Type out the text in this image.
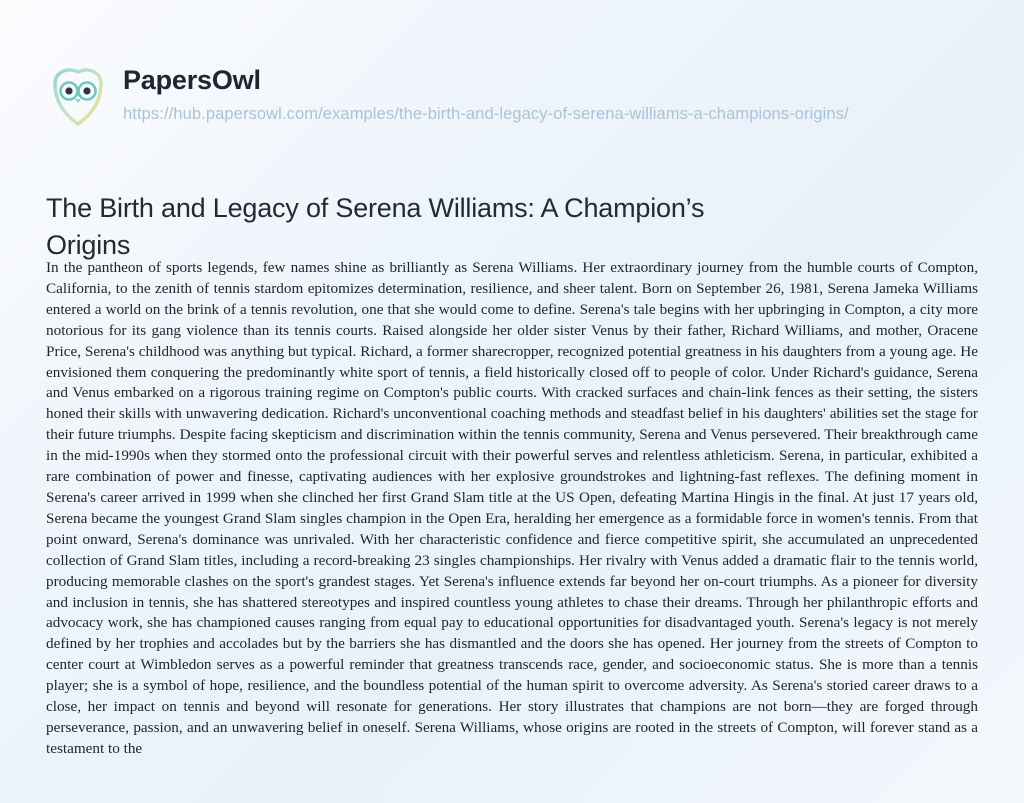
PapersOwl
https://hub.papersowl.com/examples/the-birth-and-legacy-of-serena-williams-a-champions-origins/
The Birth and Legacy of Serena Williams: A Champion’s Origins
In the pantheon of sports legends, few names shine as brilliantly as Serena Williams. Her extraordinary journey from the humble courts of Compton, California, to the zenith of tennis stardom epitomizes determination, resilience, and sheer talent. Born on September 26, 1981, Serena Jameka Williams entered a world on the brink of a tennis revolution, one that she would come to define. Serena's tale begins with her upbringing in Compton, a city more notorious for its gang violence than its tennis courts. Raised alongside her older sister Venus by their father, Richard Williams, and mother, Oracene Price, Serena's childhood was anything but typical. Richard, a former sharecropper, recognized potential greatness in his daughters from a young age. He envisioned them conquering the predominantly white sport of tennis, a field historically closed off to people of color. Under Richard's guidance, Serena and Venus embarked on a rigorous training regime on Compton's public courts. With cracked surfaces and chain-link fences as their setting, the sisters honed their skills with unwavering dedication. Richard's unconventional coaching methods and steadfast belief in his daughters' abilities set the stage for their future triumphs. Despite facing skepticism and discrimination within the tennis community, Serena and Venus persevered. Their breakthrough came in the mid-1990s when they stormed onto the professional circuit with their powerful serves and relentless athleticism. Serena, in particular, exhibited a rare combination of power and finesse, captivating audiences with her explosive groundstrokes and lightning-fast reflexes. The defining moment in Serena's career arrived in 1999 when she clinched her first Grand Slam title at the US Open, defeating Martina Hingis in the final. At just 17 years old, Serena became the youngest Grand Slam singles champion in the Open Era, heralding her emergence as a formidable force in women's tennis. From that point onward, Serena's dominance was unrivaled. With her characteristic confidence and fierce competitive spirit, she accumulated an unprecedented collection of Grand Slam titles, including a record-breaking 23 singles championships. Her rivalry with Venus added a dramatic flair to the tennis world, producing memorable clashes on the sport's grandest stages. Yet Serena's influence extends far beyond her on-court triumphs. As a pioneer for diversity and inclusion in tennis, she has shattered stereotypes and inspired countless young athletes to chase their dreams. Through her philanthropic efforts and advocacy work, she has championed causes ranging from equal pay to educational opportunities for disadvantaged youth. Serena's legacy is not merely defined by her trophies and accolades but by the barriers she has dismantled and the doors she has opened. Her journey from the streets of Compton to center court at Wimbledon serves as a powerful reminder that greatness transcends race, gender, and socioeconomic status. She is more than a tennis player; she is a symbol of hope, resilience, and the boundless potential of the human spirit to overcome adversity. As Serena's storied career draws to a close, her impact on tennis and beyond will resonate for generations. Her story illustrates that champions are not born—they are forged through perseverance, passion, and an unwavering belief in oneself. Serena Williams, whose origins are rooted in the streets of Compton, will forever stand as a testament to the
